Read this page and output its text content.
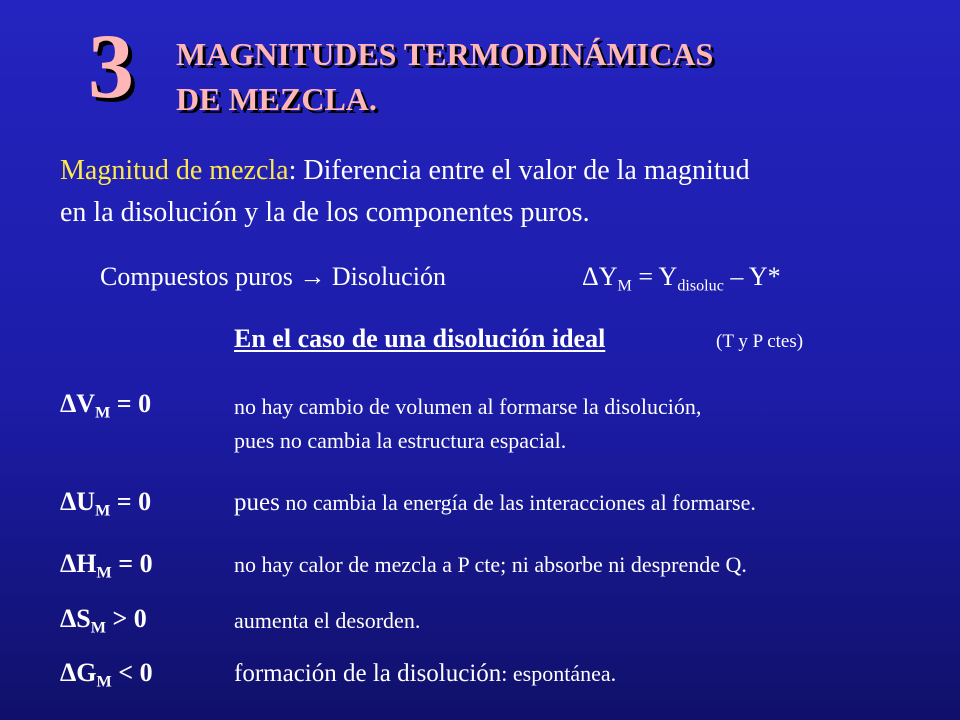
3 MAGNITUDES TERMODINÁMICAS
DE MEZCLA.
Magnitud de mezcla: Diferencia entre el valor de la magnitud
en la disolución y la de los componentes puros.
Compuestos puros → Disolución	$\Delta Y_M = Y_{disoluc} - Y*$
En el caso de una disolución ideal	(T y P ctes)
$\Delta V_M = 0$	no hay cambio de volumen al formarse la disolución,
pues no cambia la estructura espacial.
$\Delta U_M = 0$	pues no cambia la energía de las interacciones al formarse.
$\Delta H_M = 0$	no hay calor de mezcla a P cte; ni absorbe ni desprende Q.
$\Delta S_M > 0$	aumenta el desorden.
$\Delta G_M < 0$	formación de la disolución: espontánea.
